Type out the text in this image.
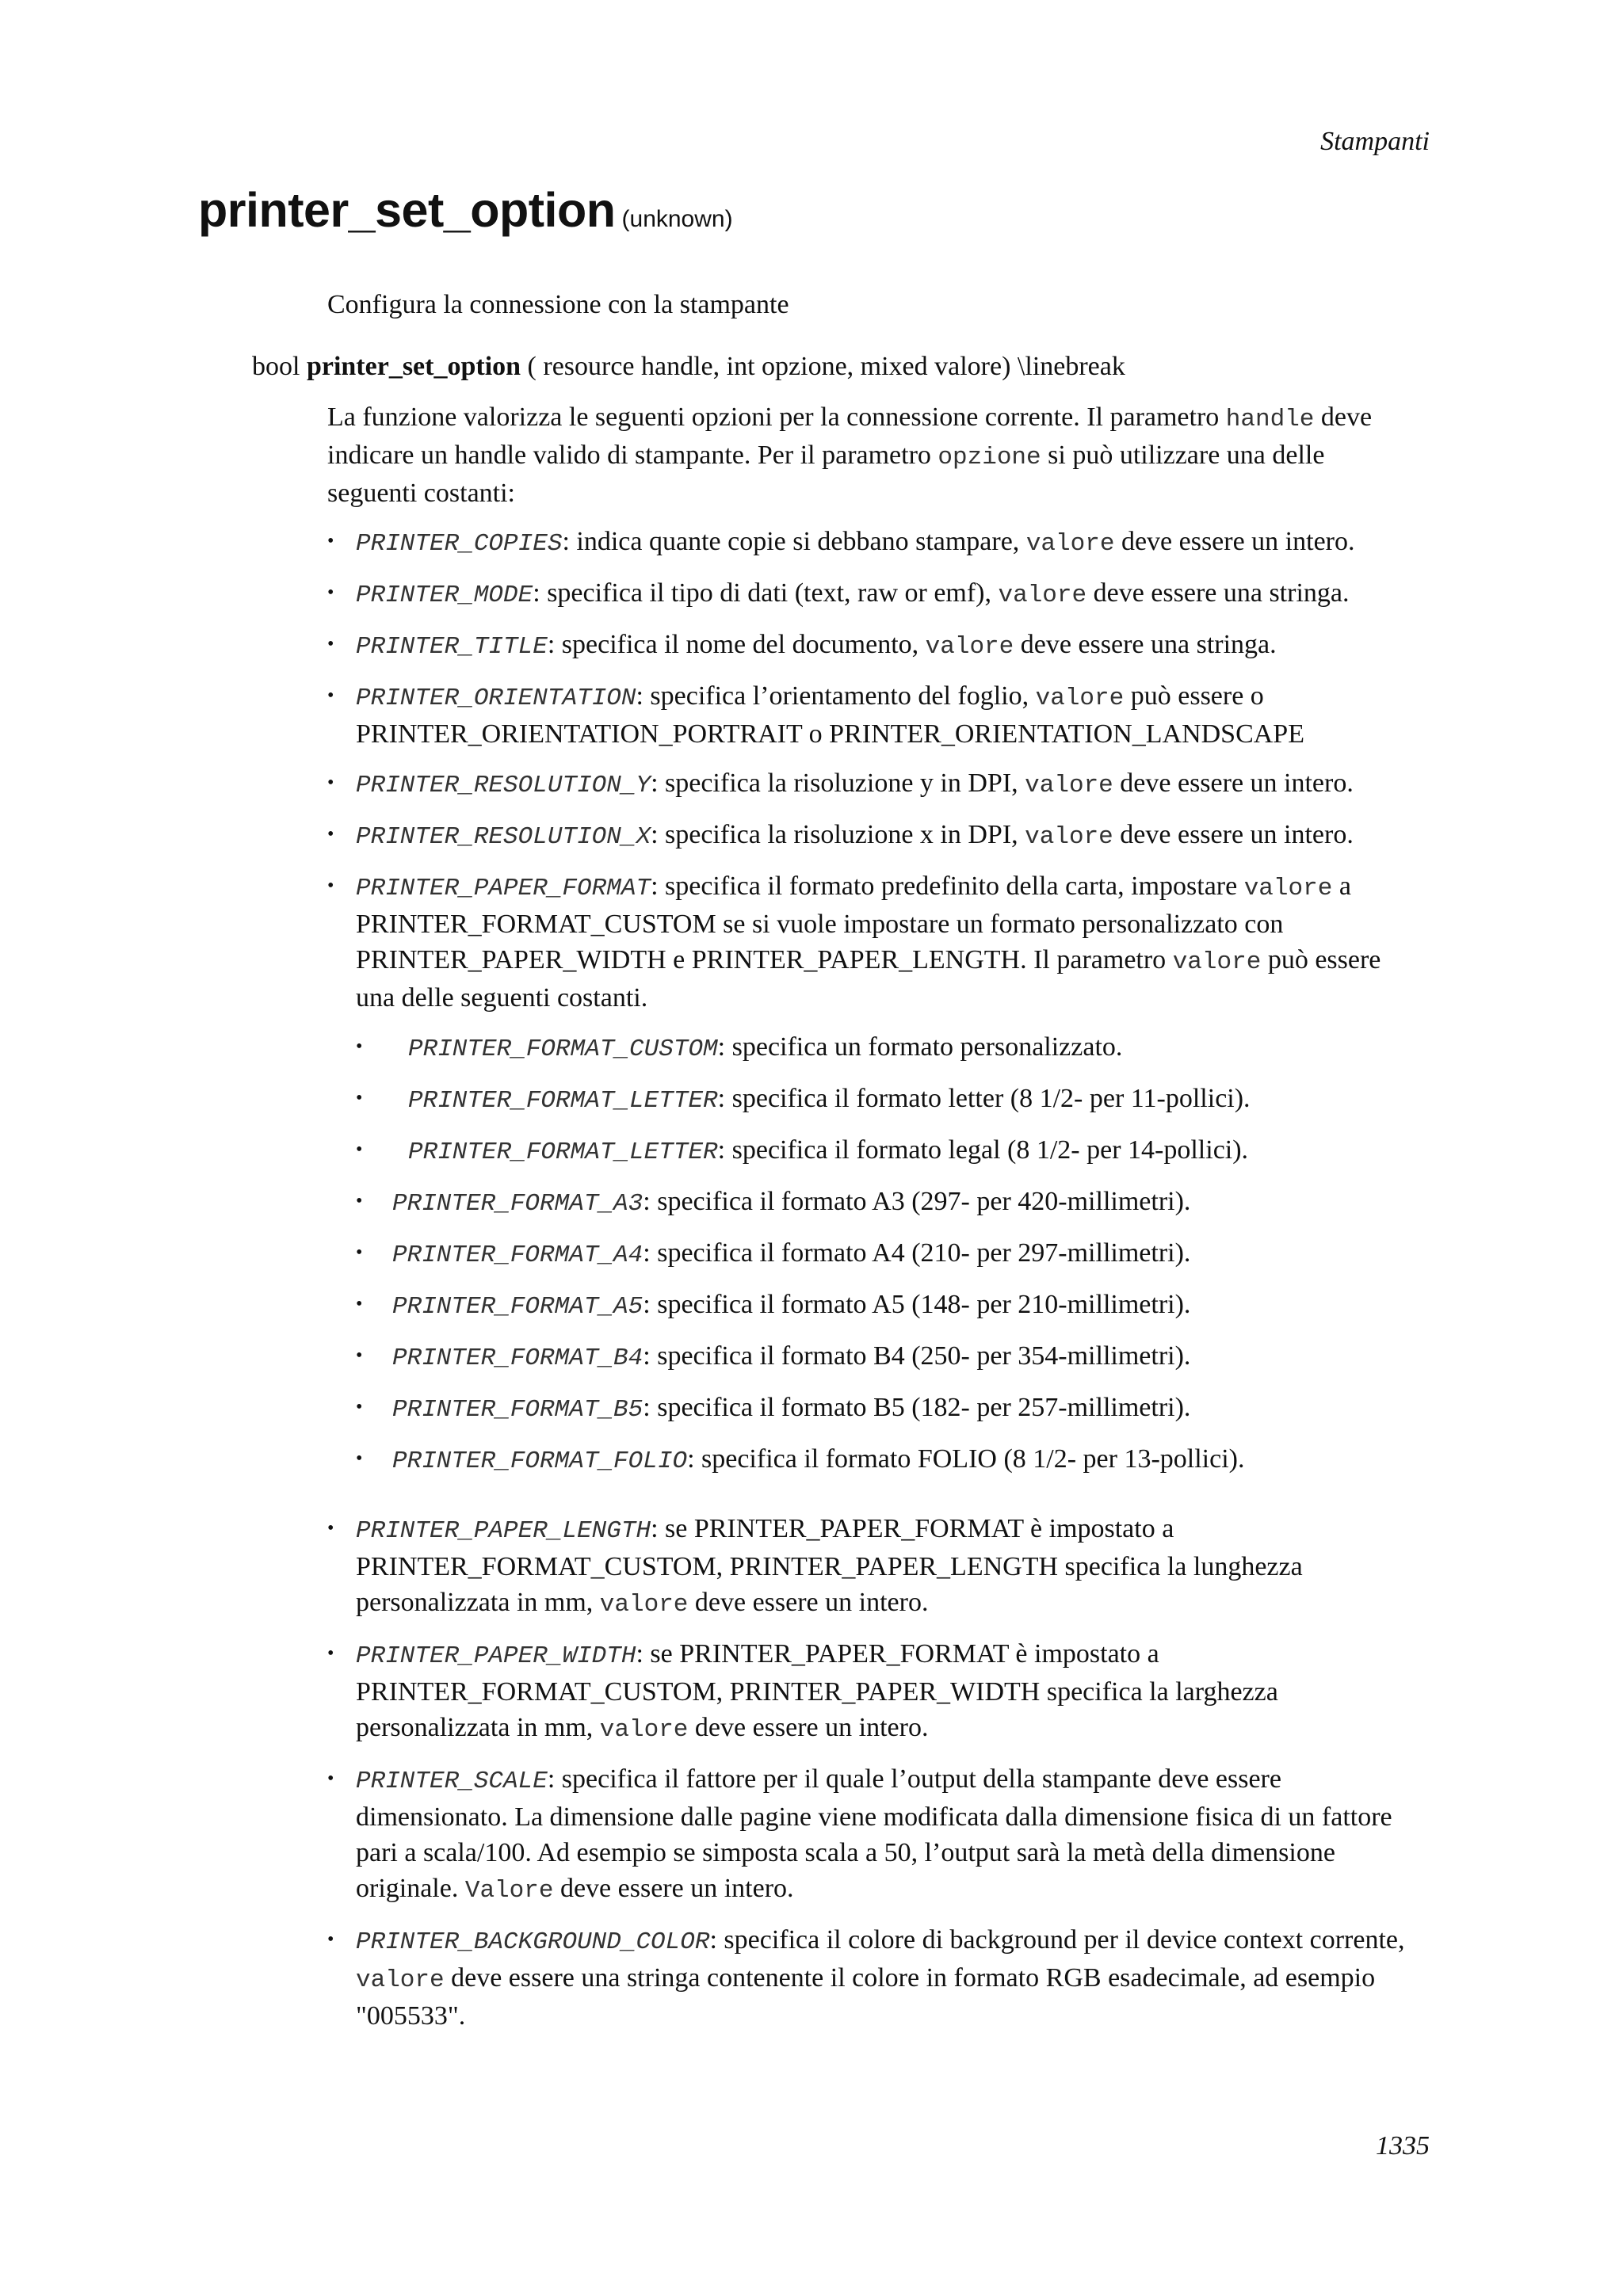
Stampanti
printer_set_option (unknown)
Configura la connessione con la stampante
bool printer_set_option ( resource handle, int opzione, mixed valore) \linebreak

La funzione valorizza le seguenti opzioni per la connessione corrente. Il parametro handle deve indicare un handle valido di stampante. Per il parametro opzione si può utilizzare una delle seguenti costanti:

• PRINTER_COPIES: indica quante copie si debbano stampare, valore deve essere un intero.
• PRINTER_MODE: specifica il tipo di dati (text, raw or emf), valore deve essere una stringa.
• PRINTER_TITLE: specifica il nome del documento, valore deve essere una stringa.
• PRINTER_ORIENTATION: specifica l’orientamento del foglio, valore può essere o PRINTER_ORIENTATION_PORTRAIT o PRINTER_ORIENTATION_LANDSCAPE
• PRINTER_RESOLUTION_Y: specifica la risoluzione y in DPI, valore deve essere un intero.
• PRINTER_RESOLUTION_X: specifica la risoluzione x in DPI, valore deve essere un intero.
• PRINTER_PAPER_FORMAT: specifica il formato predefinito della carta, impostare valore a PRINTER_FORMAT_CUSTOM se si vuole impostare un formato personalizzato con PRINTER_PAPER_WIDTH e PRINTER_PAPER_LENGTH. Il parametro valore può essere una delle seguenti costanti.
• PRINTER_FORMAT_CUSTOM: specifica un formato personalizzato.
• PRINTER_FORMAT_LETTER: specifica il formato letter (8 1/2- per 11-pollici).
• PRINTER_FORMAT_LETTER: specifica il formato legal (8 1/2- per 14-pollici).
• PRINTER_FORMAT_A3: specifica il formato A3 (297- per 420-millimetri).
• PRINTER_FORMAT_A4: specifica il formato A4 (210- per 297-millimetri).
• PRINTER_FORMAT_A5: specifica il formato A5 (148- per 210-millimetri).
• PRINTER_FORMAT_B4: specifica il formato B4 (250- per 354-millimetri).
• PRINTER_FORMAT_B5: specifica il formato B5 (182- per 257-millimetri).
• PRINTER_FORMAT_FOLIO: specifica il formato FOLIO (8 1/2- per 13-pollici).
• PRINTER_PAPER_LENGTH: se PRINTER_PAPER_FORMAT è impostato a PRINTER_FORMAT_CUSTOM, PRINTER_PAPER_LENGTH specifica la lunghezza personalizzata in mm, valore deve essere un intero.
• PRINTER_PAPER_WIDTH: se PRINTER_PAPER_FORMAT è impostato a PRINTER_FORMAT_CUSTOM, PRINTER_PAPER_WIDTH specifica la larghezza personalizzata in mm, valore deve essere un intero.
• PRINTER_SCALE: specifica il fattore per il quale l’output della stampante deve essere dimensionato. La dimensione dalle pagine viene modificata dalla dimensione fisica di un fattore pari a scala/100. Ad esempio se simposta scala a 50, l’output sarà la metà della dimensione originale. Valore deve essere un intero.
• PRINTER_BACKGROUND_COLOR: specifica il colore di background per il device context corrente, valore deve essere una stringa contenente il colore in formato RGB esadecimale, ad esempio "005533".
1335
